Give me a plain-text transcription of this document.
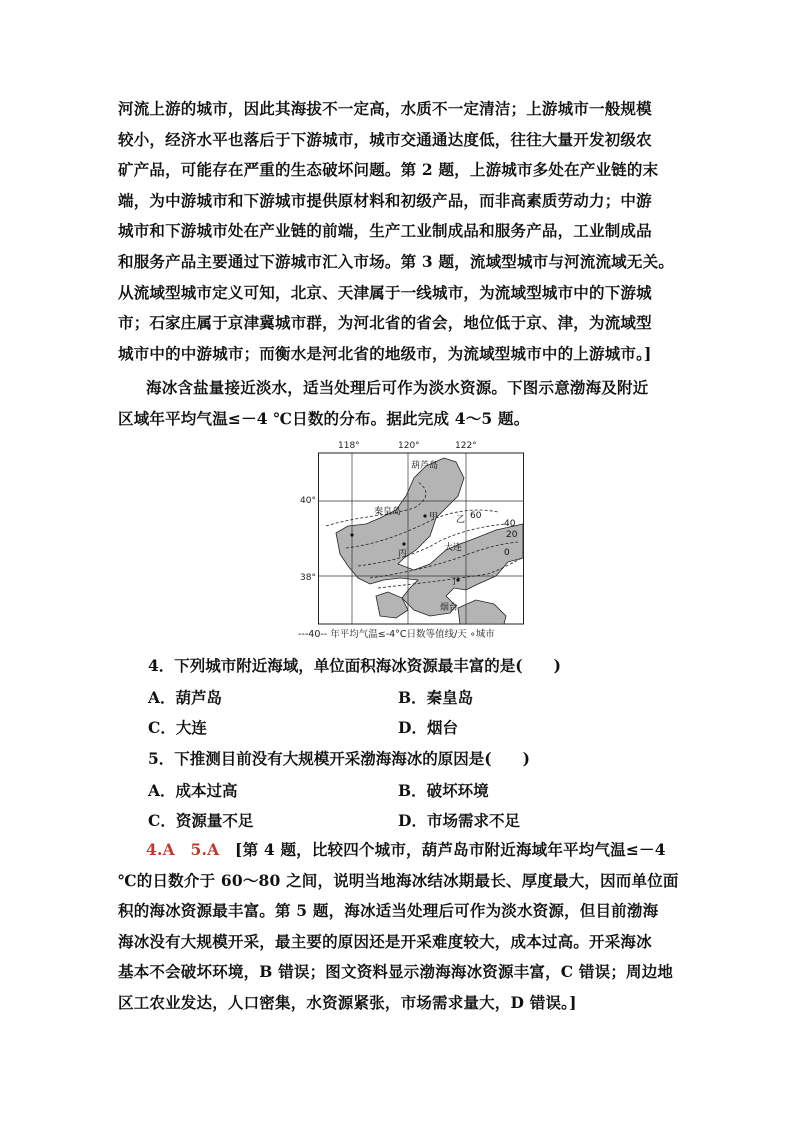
河流上游的城市，因此其海拔不一定高，水质不一定清洁；上游城市一般规模
较小，经济水平也落后于下游城市，城市交通通达度低，往往大量开发初级农
矿产品，可能存在严重的生态破坏问题。第 2 题，上游城市多处在产业链的末
端，为中游城市和下游城市提供原材料和初级产品，而非高素质劳动力；中游
城市和下游城市处在产业链的前端，生产工业制成品和服务产品，工业制成品
和服务产品主要通过下游城市汇入市场。第 3 题，流域型城市与河流流域无关。
从流域型城市定义可知，北京、天津属于一线城市，为流域型城市中的下游城
市；石家庄属于京津冀城市群，为河北省的省会，地位低于京、津，为流域型
城市中的中游城市；而衡水是河北省的地级市，为流域型城市中的上游城市。]
海冰含盐量接近淡水，适当处理后可作为淡水资源。下图示意渤海及附近
区域年平均气温≤－4 ℃日数的分布。据此完成 4～5 题。
118°	120°	122°
40°
38°
葫芦岛
秦皇岛	甲 乙
丙
大连
丁
烟台
60
40
20
0
---40-- 年平均气温≤-4°C日数等值线/天 ∘城市

4．下列城市附近海域，单位面积海冰资源最丰富的是(　　)

A．葫芦岛	B．秦皇岛

C．大连	D．烟台

5．下推测目前没有大规模开采渤海海冰的原因是(　　)

A．成本过高	B．破坏环境

C．资源量不足	D．市场需求不足

4.A　5.A　 [第 4 题，比较四个城市，葫芦岛市附近海域年平均气温≤－4
℃的日数介于 60～80 之间，说明当地海冰结冰期最长、厚度最大，因而单位面
积的海冰资源最丰富。第 5 题，海冰适当处理后可作为淡水资源，但目前渤海
海冰没有大规模开采，最主要的原因还是开采难度较大，成本过高。开采海冰
基本不会破坏环境，B 错误；图文资料显示渤海海冰资源丰富，C 错误；周边地
区工农业发达，人口密集，水资源紧张，市场需求量大，D 错误。]
